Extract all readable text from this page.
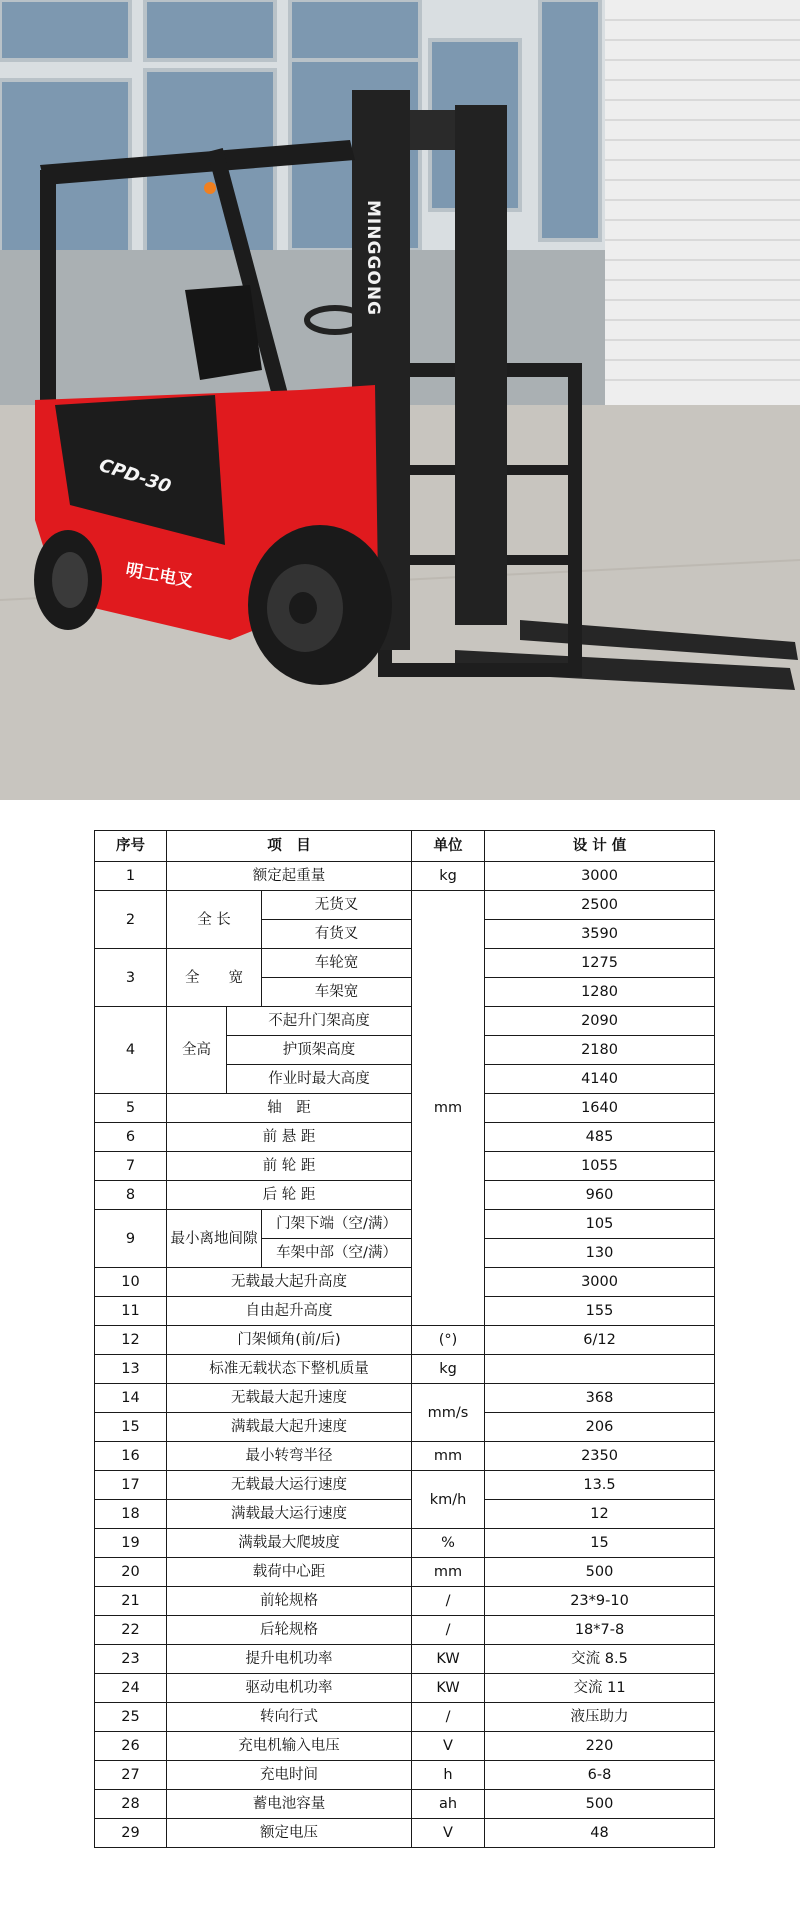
MINGGONG
CPD-30
明工电叉
序号	项　目			单位	设 计 值
1	额定起重量			kg	3000
2	全 长		无货叉	mm	2500
			有货叉		3590
3	全　　宽		车轮宽		1275
			车架宽		1280
4	全高	不起升门架高度			2090
		护顶架高度			2180
		作业时最大高度			4140
5	轴　距				1640
6	前 悬 距				485
7	前 轮 距				1055
8	后 轮 距				960
9	最小离地间隙		门架下端（空/满）		105
			车架中部（空/满）		130
10	无载最大起升高度				3000
11	自由起升高度				155
12	门架倾角(前/后)			(°)	6/12
13	标准无载状态下整机质量			kg	
14	无载最大起升速度			mm/s	368
15	满载最大起升速度				206
16	最小转弯半径			mm	2350
17	无载最大运行速度			km/h	13.5
18	满载最大运行速度				12
19	满载最大爬坡度			%	15
20	载荷中心距			mm	500
21	前轮规格			/	23*9-10
22	后轮规格			/	18*7-8
23	提升电机功率			KW	交流 8.5
24	驱动电机功率			KW	交流 11
25	转向行式			/	液压助力
26	充电机输入电压			V	220
27	充电时间			h	6-8
28	蓄电池容量			ah	500
29	额定电压			V	48
